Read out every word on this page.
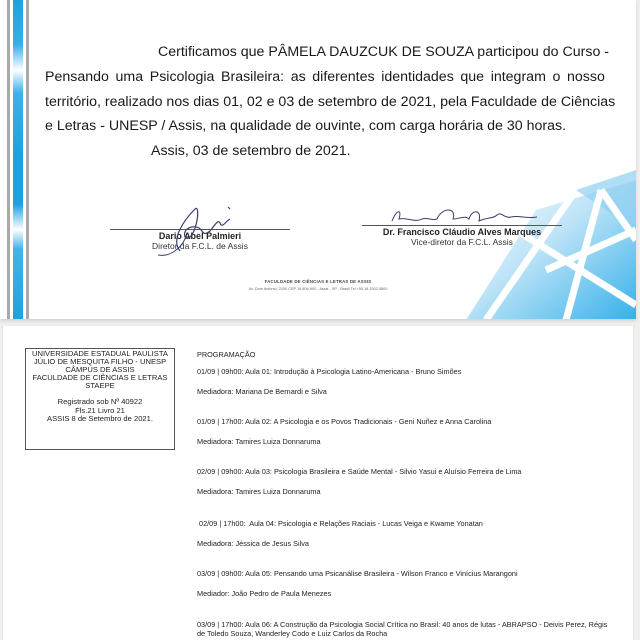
Certificamos que PÂMELA DAUZCUK DE SOUZA participou do Curso -
Pensando uma Psicologia Brasileira: as diferentes identidades que integram o nosso
território, realizado nos dias 01, 02 e 03 de setembro de 2021, pela Faculdade de Ciências
e Letras - UNESP / Assis, na qualidade de ouvinte, com carga horária de 30 horas.
Assis, 03 de setembro de 2021.
Dario Abel Palmieri
Diretor da F.C.L. de Assis
Dr. Francisco Cláudio Alves Marques
Vice-diretor da F.C.L. Assis
FACULDADE DE CIÊNCIAS E LETRAS DE ASSIS
Av. Dom Antônio, 2100 CEP 19.806-900 - Assis - SP - Brasil Tel +55 18 3302.5800
UNIVERSIDADE ESTADUAL PAULISTA
JÚLIO DE MESQUITA FILHO - UNESP
CÂMPUS DE ASSIS
FACULDADE DE CIÊNCIAS E LETRAS
STAEPE
Registrado sob Nº 40922
Fls.21 Livro 21
ASSIS 8 de Setembro de 2021.
PROGRAMAÇÃO
01/09 | 09h00: Aula 01: Introdução à Psicologia Latino-Americana - Bruno Simões
Mediadora: Mariana De Bernardi e Silva
01/09 | 17h00: Aula 02: A Psicologia e os Povos Tradicionais - Geni Nuñez e Anna Carolina
Mediadora: Tamires Luiza Donnaruma
02/09 | 09h00: Aula 03: Psicologia Brasileira e Saúde Mental - Silvio Yasui e Aluísio Ferreira de Lima
Mediadora: Tamires Luiza Donnaruma
02/09 | 17h00:  Aula 04: Psicologia e Relações Raciais - Lucas Veiga e Kwame Yonatan
Mediadora: Jéssica de Jesus Silva
03/09 | 09h00: Aula 05: Pensando uma Psicanálise Brasileira - Wilson Franco e Vinícius Marangoni
Mediador: João Pedro de Paula Menezes
03/09 | 17h00: Aula 06: A Construção da Psicologia Social Crítica no Brasil: 40 anos de lutas - ABRAPSO - Deivis Perez, Régis de Toledo Souza, Wanderley Codo e Luiz Carlos da Rocha
